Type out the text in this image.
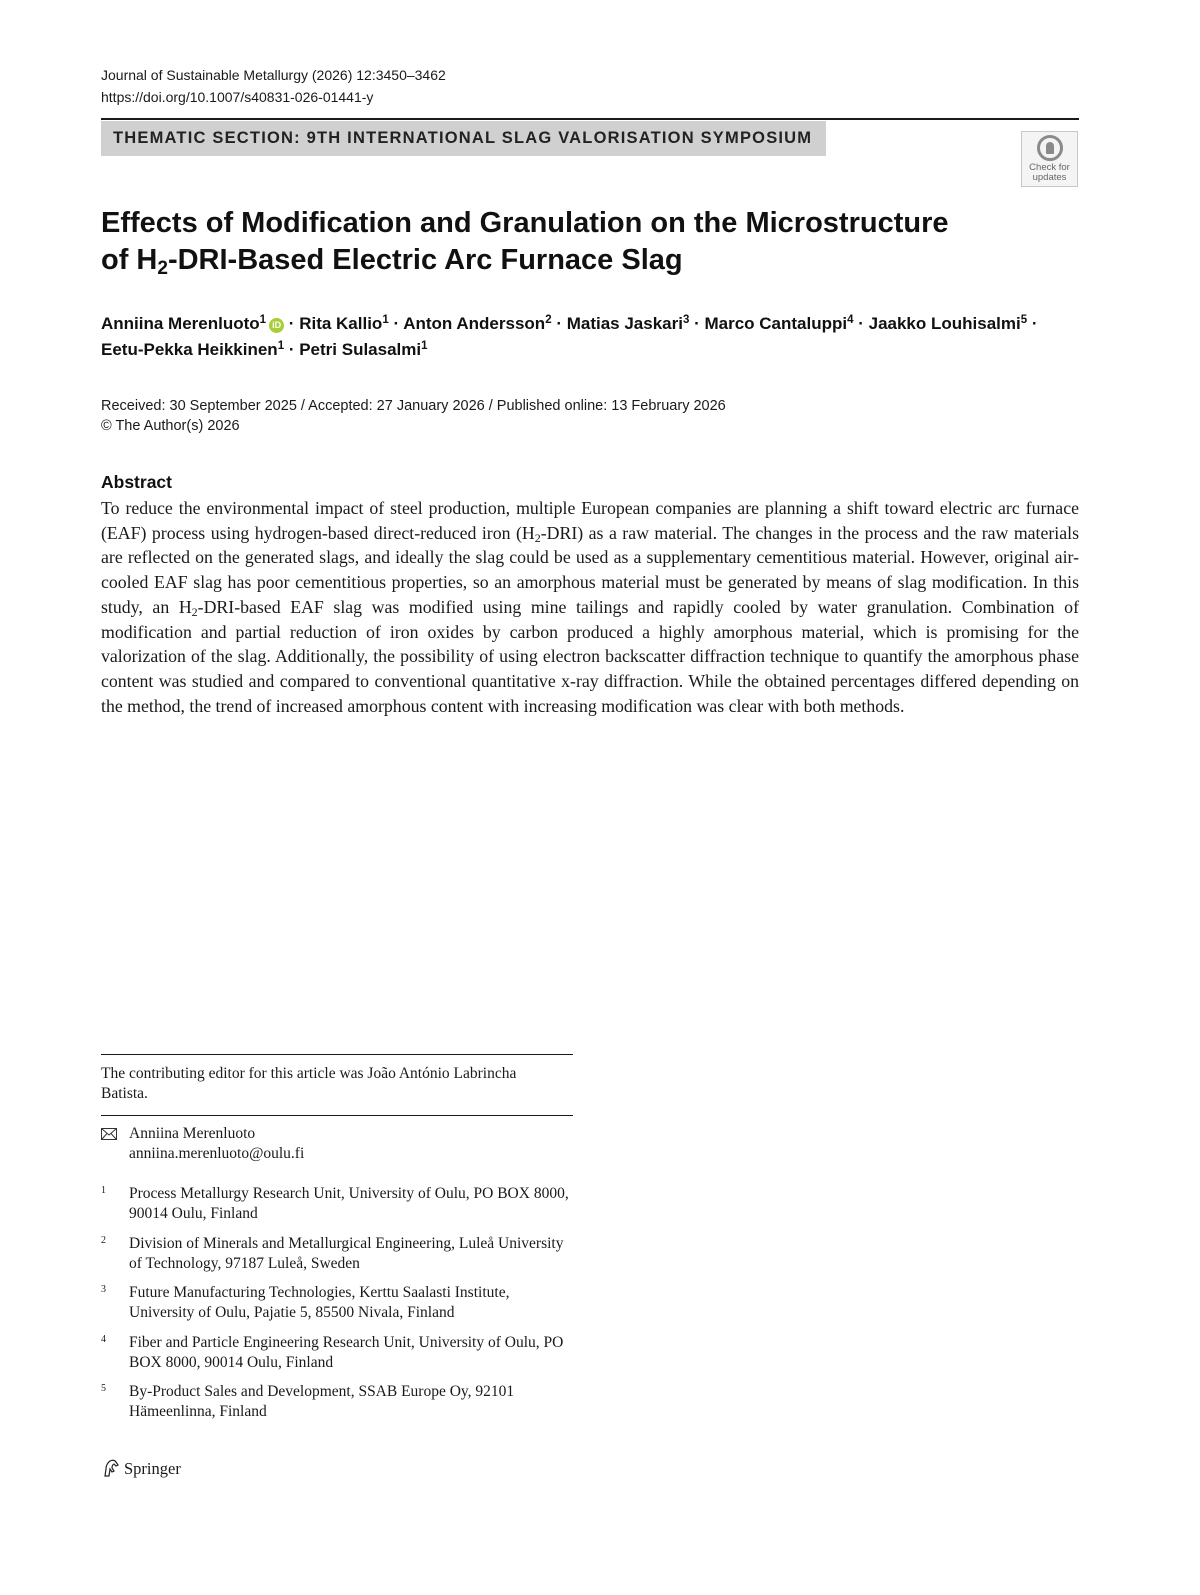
Journal of Sustainable Metallurgy (2026) 12:3450–3462
https://doi.org/10.1007/s40831-026-01441-y
THEMATIC SECTION: 9TH INTERNATIONAL SLAG VALORISATION SYMPOSIUM
Check for
updates
Effects of Modification and Granulation on the Microstructure
of $H_2-DRI$-Based Electric Arc Furnace Slag
Anniina Merenluoto$^1$ iD · Rita Kallio$^1$ · Anton Andersson$^2$ · Matias Jaskari$^3$ · Marco Cantaluppi$^4$ · Jaakko Louhisalmi$^5$ ·
Eetu-Pekka Heikkinen$^1$ · Petri Sulasalmi$^1$
Received: 30 September 2025 / Accepted: 27 January 2026 / Published online: 13 February 2026
© The Author(s) 2026
Abstract
To reduce the environmental impact of steel production, multiple European companies are planning a shift toward electric arc furnace (EAF) process using hydrogen-based direct-reduced iron $(H_2-DRI)$ as a raw material. The changes in the process and the raw materials are reflected on the generated slags, and ideally the slag could be used as a supplementary cementitious material. However, original air-cooled EAF slag has poor cementitious properties, so an amorphous material must be generated by means of slag modification. In this study, an $H_2-DRI$-based EAF slag was modified using mine tailings and rapidly cooled by water granulation. Combination of modification and partial reduction of iron oxides by carbon produced a highly amorphous material, which is promising for the valorization of the slag. Additionally, the possibility of using electron backscatter diffraction technique to quantify the amorphous phase content was studied and compared to conventional quantitative x-ray diffraction. While the obtained percentages differed depending on the method, the trend of increased amorphous content with increasing modification was clear with both methods.
The contributing editor for this article was João António Labrincha Batista.
Anniina Merenluoto
anniina.merenluoto@oulu.fi
1 Process Metallurgy Research Unit, University of Oulu, PO BOX 8000, 90014 Oulu, Finland
2 Division of Minerals and Metallurgical Engineering, Luleå University of Technology, 97187 Luleå, Sweden
3 Future Manufacturing Technologies, Kerttu Saalasti Institute, University of Oulu, Pajatie 5, 85500 Nivala, Finland
4 Fiber and Particle Engineering Research Unit, University of Oulu, PO BOX 8000, 90014 Oulu, Finland
5 By-Product Sales and Development, SSAB Europe Oy, 92101 Hämeenlinna, Finland
Springer
